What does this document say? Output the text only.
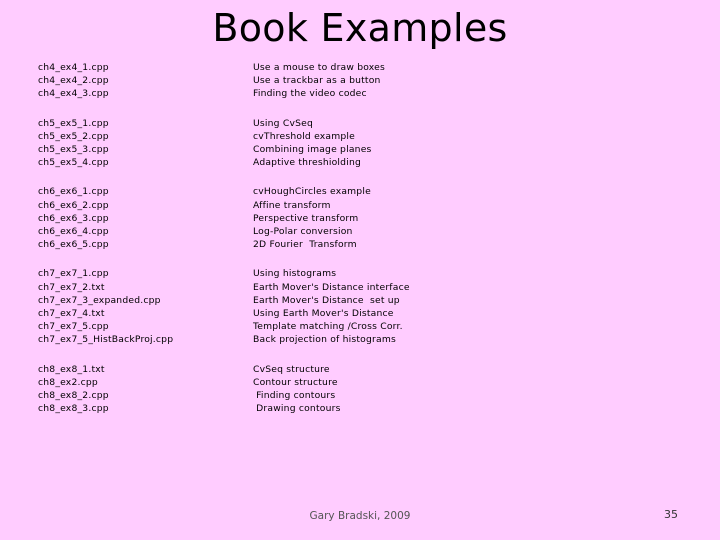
Book Examples
ch4_ex4_1.cpp
ch4_ex4_2.cpp
ch4_ex4_3.cpp
Use a mouse to draw boxes
Use a trackbar as a button
Finding the video codec
ch5_ex5_1.cpp
ch5_ex5_2.cpp
ch5_ex5_3.cpp
ch5_ex5_4.cpp
Using CvSeq
cvThreshold example
Combining image planes
Adaptive threshiolding
ch6_ex6_1.cpp
ch6_ex6_2.cpp
ch6_ex6_3.cpp
ch6_ex6_4.cpp
ch6_ex6_5.cpp
cvHoughCircles example
Affine transform
Perspective transform
Log-Polar conversion
2D Fourier  Transform
ch7_ex7_1.cpp
ch7_ex7_2.txt
ch7_ex7_3_expanded.cpp
ch7_ex7_4.txt
ch7_ex7_5.cpp
ch7_ex7_5_HistBackProj.cpp
Using histograms
Earth Mover's Distance interface
Earth Mover's Distance  set up
Using Earth Mover's Distance
Template matching /Cross Corr.
Back projection of histograms
ch8_ex8_1.txt
ch8_ex2.cpp
ch8_ex8_2.cpp
ch8_ex8_3.cpp
CvSeq structure
Contour structure
Finding contours
Drawing contours
Gary Bradski, 2009	35
